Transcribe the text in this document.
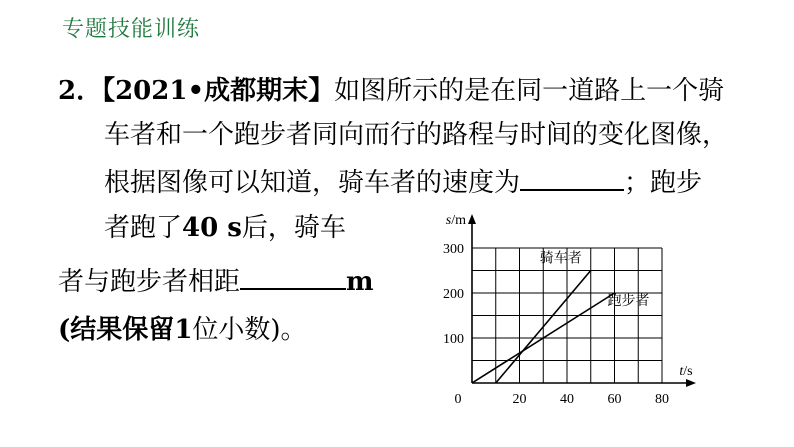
专题技能训练
2．【2021•成都期末】如图所示的是在同一道路上一个骑
车者和一个跑步者同向而行的路程与时间的变化图像，
根据图像可以知道，骑车者的速度为	；跑步
者跑了40 s后，骑车
者与跑步者相距	m
(结果保留1位小数)。
20 40 60 80
100
200
300
0
骑车者
跑步者
s/m
t/s
